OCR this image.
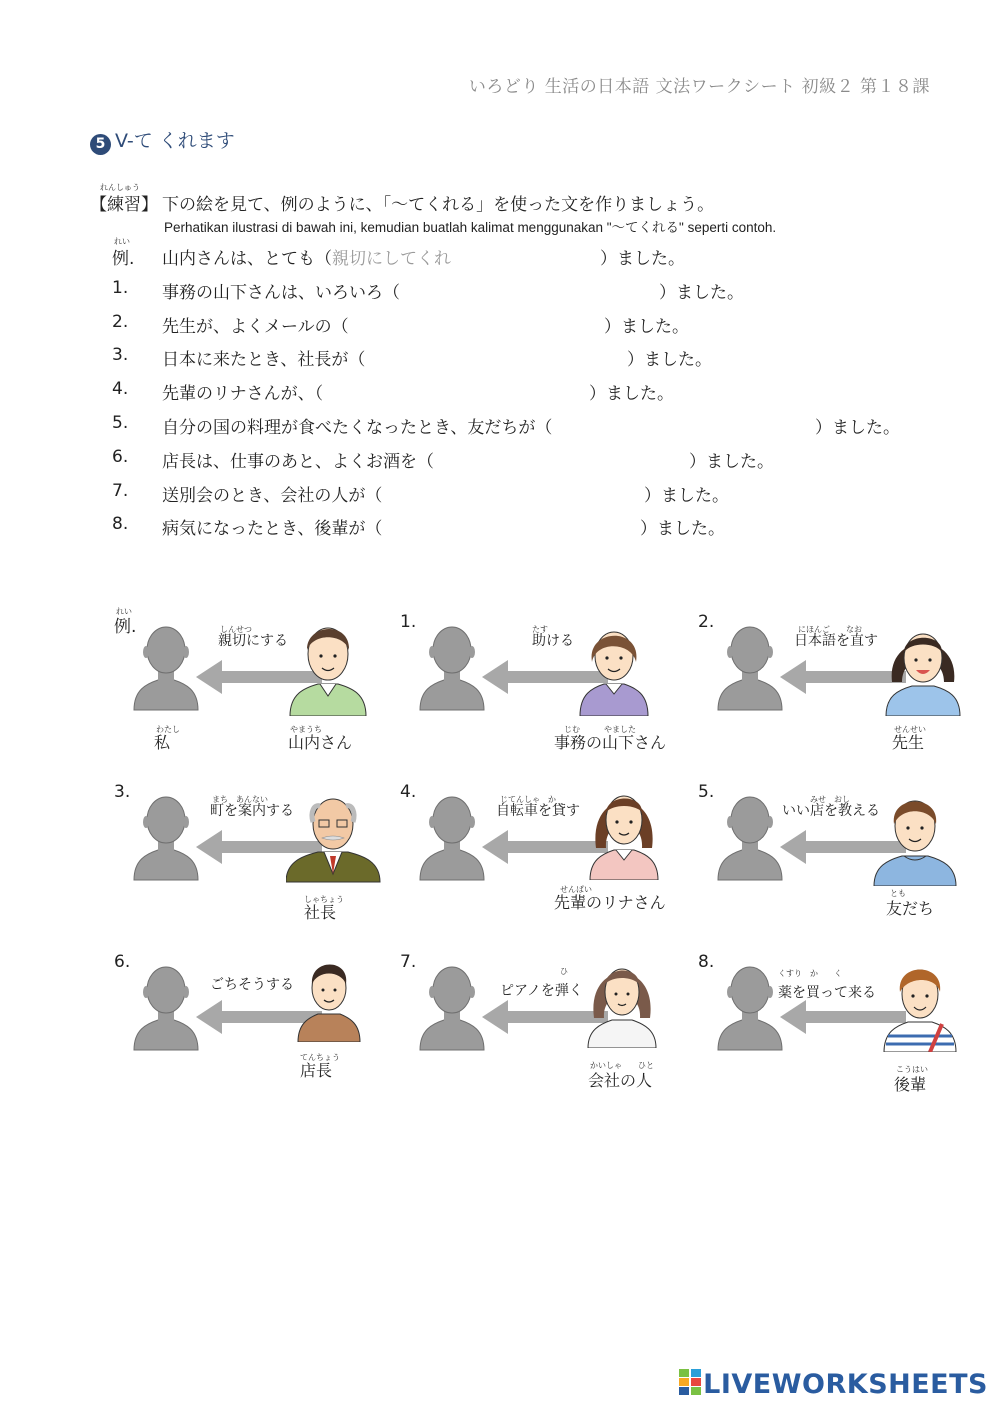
いろどり 生活の日本語 文法ワークシート 初級２ 第１８課
5 V-て くれます
れんしゅう
【練習】 下の絵を見て、例のように、「～てくれる」を使った文を作りましょう。
Perhatikan ilustrasi di bawah ini, kemudian buatlah kalimat menggunakan "～てくれる" seperti contoh.
れい
例.	山内さんは、とても（親切にしてくれ	）ました。
1.	事務の山下さんは、いろいろ（	）ました。
2.	先生が、よくメールの（	）ました。
3.	日本に来たとき、社長が（	）ました。
4.	先輩のリナさんが、（	）ました。
5.	自分の国の料理が食べたくなったとき、友だちが（	）ました。
6.	店長は、仕事のあと、よくお酒を（	）ました。
7.	送別会のとき、会社の人が（	）ました。
8.	病気になったとき、後輩が（	）ました。
れい
例.	しんせつ
親切にする
わたし
私
やまうち
山内さん
1.	たす
助ける
じむ　　　やました
事務の山下さん
2.	にほんご　　なお
日本語を直す
せんせい
先生
3.	まち　あんない
町を案内する
しゃちょう
社長
4.	じてんしゃ　か
自転車を貸す
せんぱい
先輩のリナさん
5.	みせ　おし
いい店を教える
とも
友だち
6.
ごちそうする
てんちょう
店長
7.	ひ
ピアノを弾く
かいしゃ　　ひと
会社の人
8.
くすり　か　　く
薬を買って来る
こうはい
後輩
LIVEWORKSHEETS
